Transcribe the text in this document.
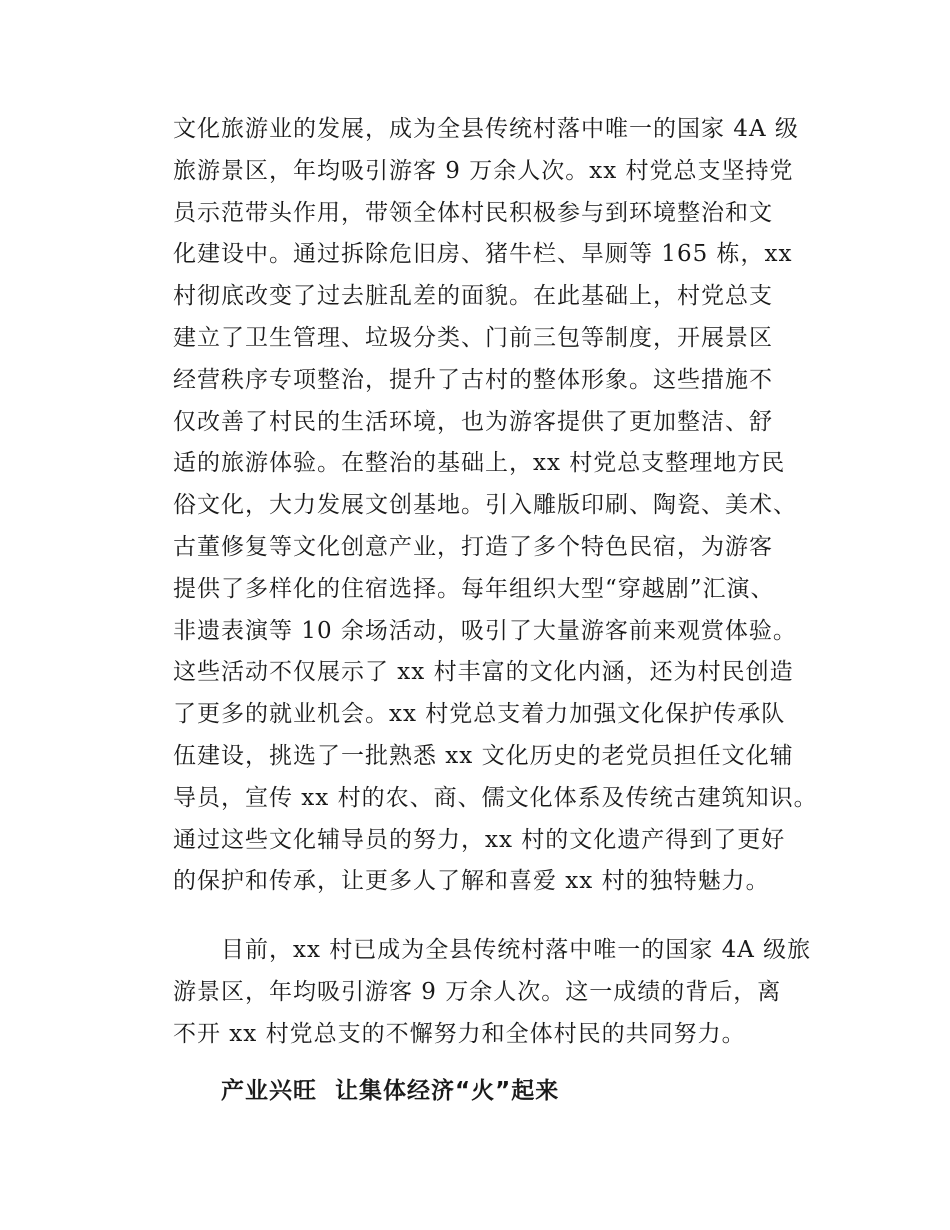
文化旅游业的发展，成为全县传统村落中唯一的国家 4A 级
旅游景区，年均吸引游客 9 万余人次。xx 村党总支坚持党
员示范带头作用，带领全体村民积极参与到环境整治和文
化建设中。通过拆除危旧房、猪牛栏、旱厕等 165 栋，xx
村彻底改变了过去脏乱差的面貌。在此基础上，村党总支
建立了卫生管理、垃圾分类、门前三包等制度，开展景区
经营秩序专项整治，提升了古村的整体形象。这些措施不
仅改善了村民的生活环境，也为游客提供了更加整洁、舒
适的旅游体验。在整治的基础上，xx 村党总支整理地方民
俗文化，大力发展文创基地。引入雕版印刷、陶瓷、美术、
古董修复等文化创意产业，打造了多个特色民宿，为游客
提供了多样化的住宿选择。每年组织大型“穿越剧”汇演、
非遗表演等 10 余场活动，吸引了大量游客前来观赏体验。
这些活动不仅展示了 xx 村丰富的文化内涵，还为村民创造
了更多的就业机会。xx 村党总支着力加强文化保护传承队
伍建设，挑选了一批熟悉 xx 文化历史的老党员担任文化辅
导员，宣传 xx 村的农、商、儒文化体系及传统古建筑知识。
通过这些文化辅导员的努力，xx 村的文化遗产得到了更好
的保护和传承，让更多人了解和喜爱 xx 村的独特魅力。
目前，xx 村已成为全县传统村落中唯一的国家 4A 级旅
游景区，年均吸引游客 9 万余人次。这一成绩的背后，离
不开 xx 村党总支的不懈努力和全体村民的共同努力。
产业兴旺  让集体经济“火”起来
